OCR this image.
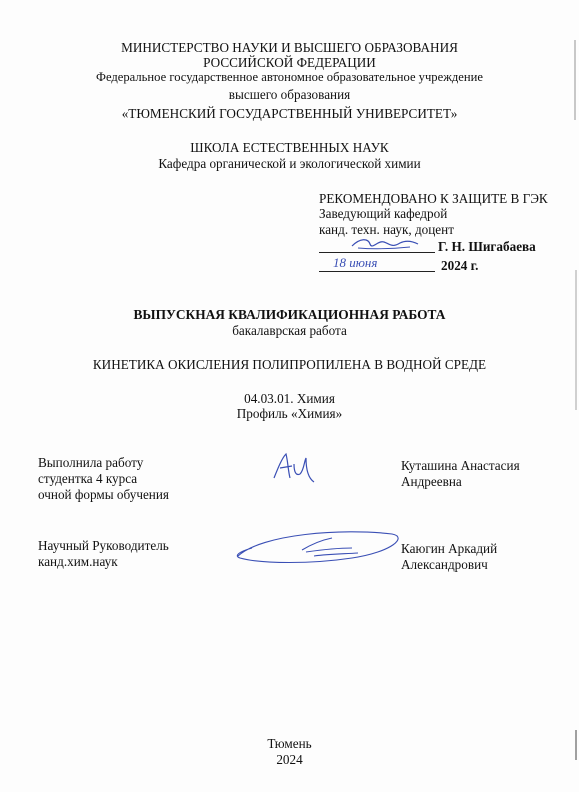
МИНИСТЕРСТВО НАУКИ И ВЫСШЕГО ОБРАЗОВАНИЯ
РОССИЙСКОЙ ФЕДЕРАЦИИ
Федеральное государственное автономное образовательное учреждение
высшего образования
«ТЮМЕНСКИЙ ГОСУДАРСТВЕННЫЙ УНИВЕРСИТЕТ»
ШКОЛА ЕСТЕСТВЕННЫХ НАУК
Кафедра органической и экологической химии
РЕКОМЕНДОВАНО К ЗАЩИТЕ В ГЭК
Заведующий кафедрой
канд. техн. наук, доцент
Г. Н. Шигабаева
18 июня	2024 г.
ВЫПУСКНАЯ КВАЛИФИКАЦИОННАЯ РАБОТА
бакалаврская работа
КИНЕТИКА ОКИСЛЕНИЯ ПОЛИПРОПИЛЕНА В ВОДНОЙ СРЕДЕ
04.03.01. Химия
Профиль «Химия»
Выполнила работу
студентка 4 курса
очной формы обучения
Куташина Анастасия
Андреевна
Научный Руководитель
канд.хим.наук
Каюгин Аркадий
Александрович
Тюмень
2024
